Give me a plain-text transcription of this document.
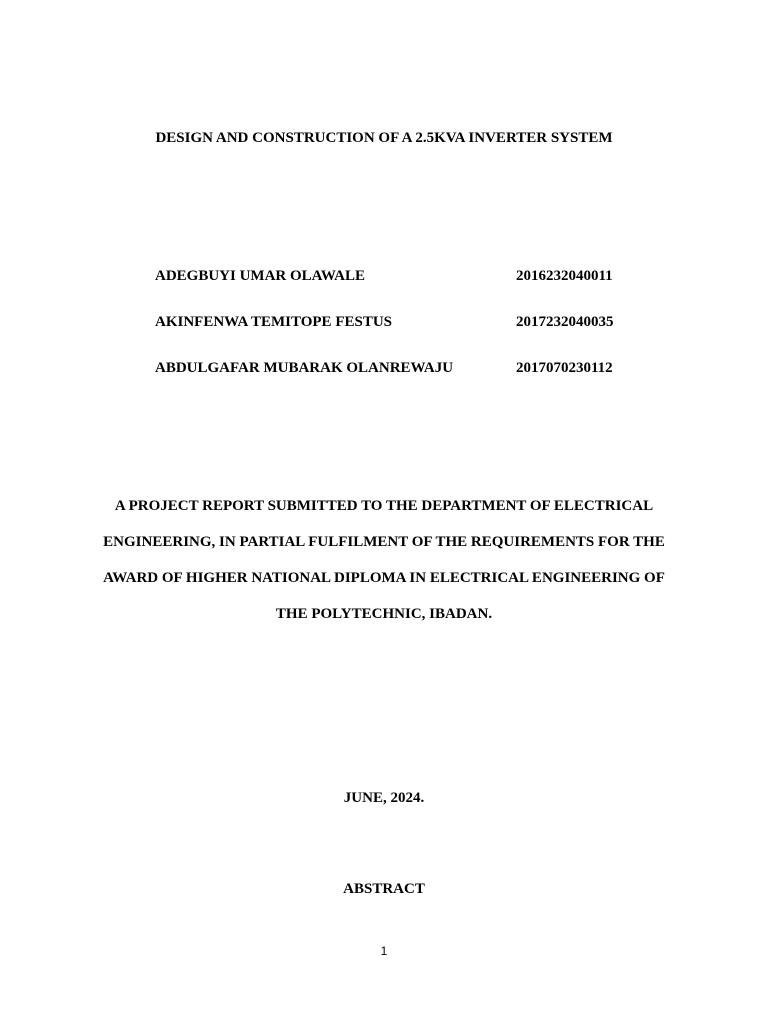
DESIGN AND CONSTRUCTION OF A 2.5KVA INVERTER SYSTEM
ADEGBUYI UMAR OLAWALE	2016232040011
AKINFENWA TEMITOPE FESTUS	2017232040035
ABDULGAFAR MUBARAK OLANREWAJU	2017070230112
A PROJECT REPORT SUBMITTED TO THE DEPARTMENT OF ELECTRICAL
ENGINEERING, IN PARTIAL FULFILMENT OF THE REQUIREMENTS FOR THE
AWARD OF HIGHER NATIONAL DIPLOMA IN ELECTRICAL ENGINEERING OF
THE POLYTECHNIC, IBADAN.
JUNE, 2024.
ABSTRACT
1
